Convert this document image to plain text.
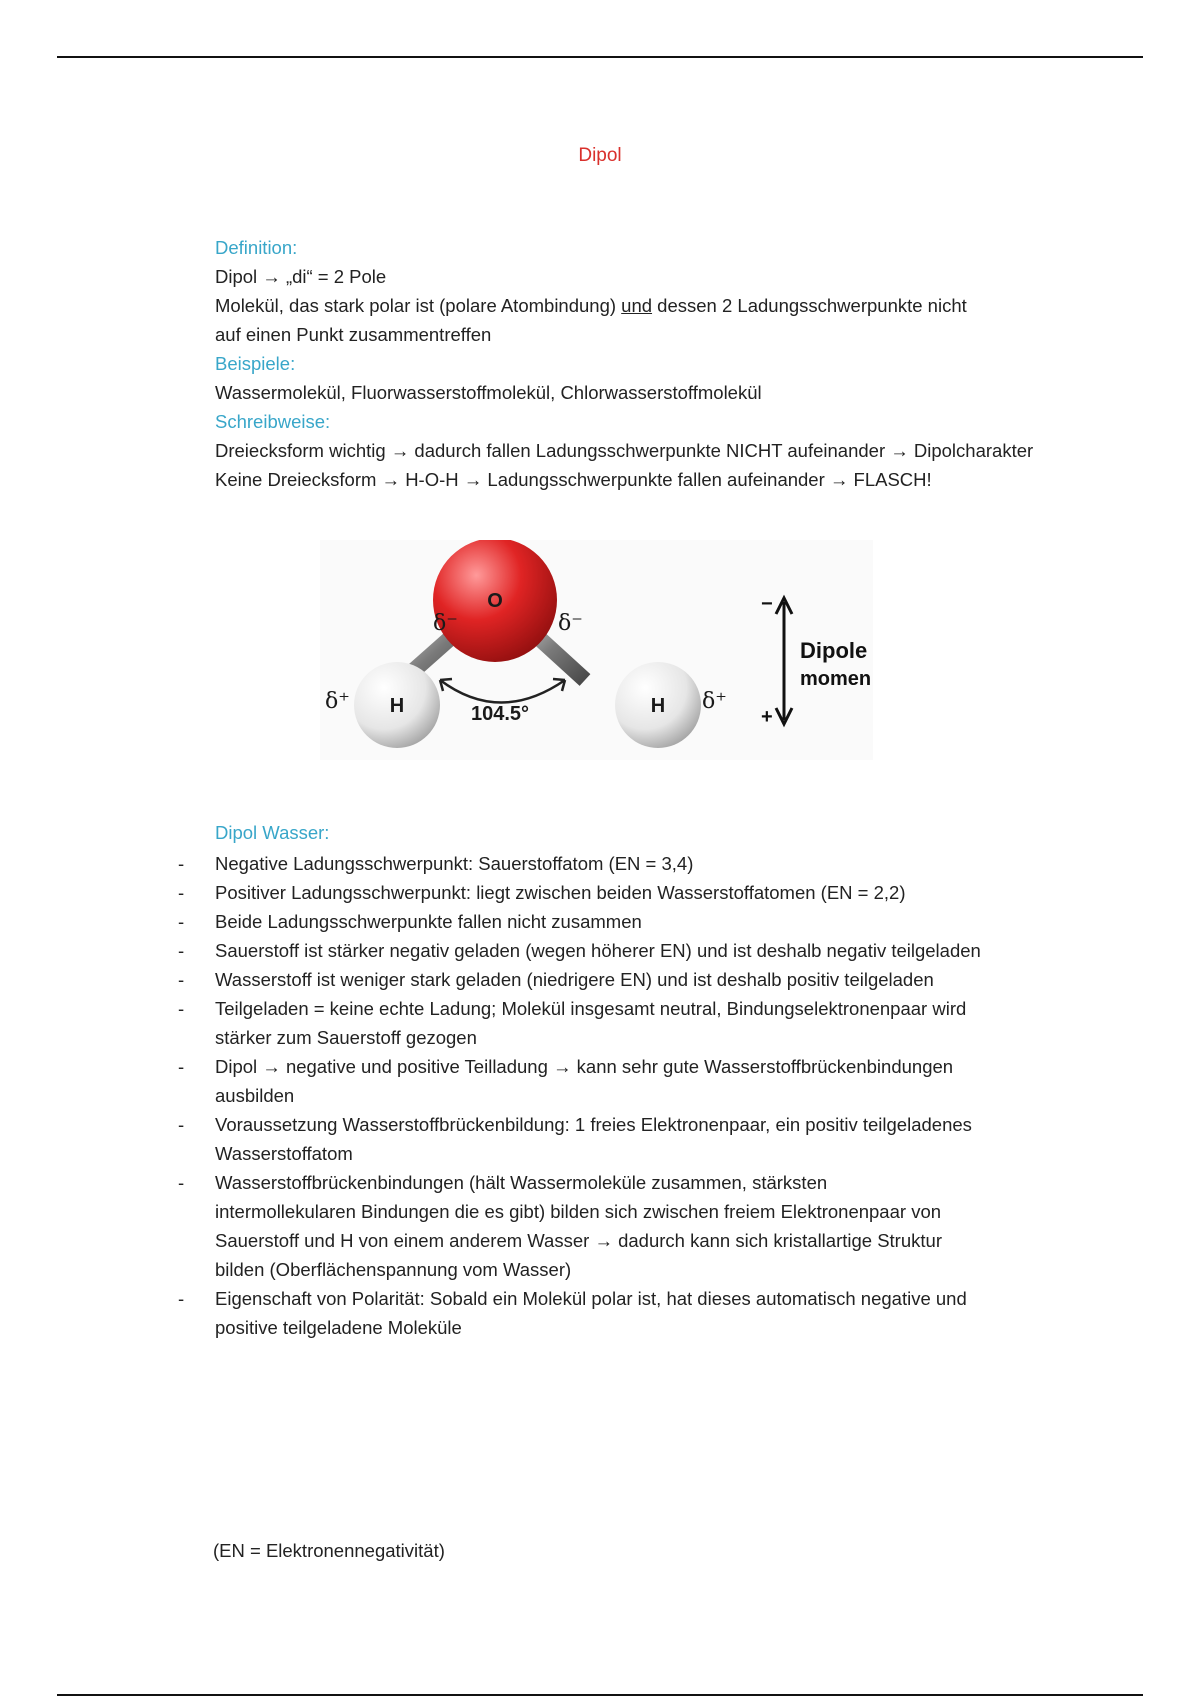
Dipol
Definition:
Dipol → „di“ = 2 Pole
Molekül, das stark polar ist (polare Atombindung) und dessen 2 Ladungsschwerpunkte nicht
auf einen Punkt zusammentreffen
Beispiele:
Wassermolekül, Fluorwasserstoffmolekül, Chlorwasserstoffmolekül
Schreibweise:
Dreiecksform wichtig → dadurch fallen Ladungsschwerpunkte NICHT aufeinander → Dipolcharakter
Keine Dreiecksform → H-O-H → Ladungsschwerpunkte fallen aufeinander → FLASCH!
O
H	H
δ⁻	δ⁻
δ⁺	δ⁺
104.5°
−
+
Dipole
momen
Dipol Wasser:
- Negative Ladungsschwerpunkt: Sauerstoffatom (EN = 3,4)
- Positiver Ladungsschwerpunkt: liegt zwischen beiden Wasserstoffatomen (EN = 2,2)
- Beide Ladungsschwerpunkte fallen nicht zusammen
- Sauerstoff ist stärker negativ geladen (wegen höherer EN) und ist deshalb negativ teilgeladen
- Wasserstoff ist weniger stark geladen (niedrigere EN) und ist deshalb positiv teilgeladen
- Teilgeladen = keine echte Ladung; Molekül insgesamt neutral, Bindungselektronenpaar wird
stärker zum Sauerstoff gezogen
- Dipol → negative und positive Teilladung → kann sehr gute Wasserstoffbrückenbindungen
ausbilden
- Voraussetzung Wasserstoffbrückenbildung: 1 freies Elektronenpaar, ein positiv teilgeladenes
Wasserstoffatom
- Wasserstoffbrückenbindungen (hält Wassermoleküle zusammen, stärksten
intermollekularen Bindungen die es gibt) bilden sich zwischen freiem Elektronenpaar von
Sauerstoff und H von einem anderem Wasser → dadurch kann sich kristallartige Struktur
bilden (Oberflächenspannung vom Wasser)
- Eigenschaft von Polarität: Sobald ein Molekül polar ist, hat dieses automatisch negative und
positive teilgeladene Moleküle
(EN = Elektronennegativität)
